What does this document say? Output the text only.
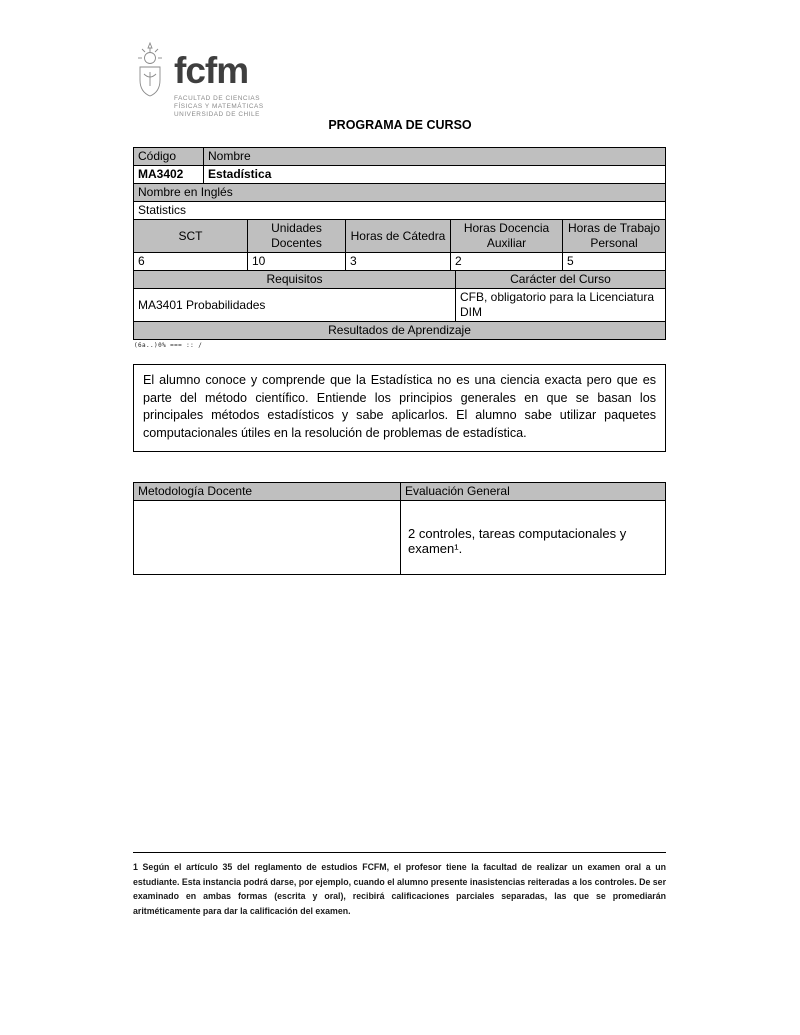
fcfm
FACULTAD DE CIENCIAS
FÍSICAS Y MATEMÁTICAS
UNIVERSIDAD DE CHILE
PROGRAMA DE CURSO
Código	Nombre
MA3402	Estadística
Nombre en Inglés	
Statistics	
SCT	Unidades Docentes	Horas de Cátedra	Horas Docencia Auxiliar	Horas de Trabajo Personal
6	10	3	2	5
Requisitos	Carácter del Curso
MA3401 Probabilidades	CFB, obligatorio para la Licenciatura DIM
Resultados de Aprendizaje
(6a..)0% === :: /
El alumno conoce y comprende que la Estadística no es una ciencia exacta pero que es parte del método científico. Entiende los principios generales en que se basan los principales métodos estadísticos y sabe aplicarlos. El alumno sabe utilizar paquetes computacionales útiles en la resolución de problemas de estadística.
Metodología Docente	Evaluación General
	2 controles, tareas computacionales y examen¹.
1 Según el artículo 35 del reglamento de estudios FCFM, el profesor tiene la facultad de realizar un examen oral a un estudiante. Esta instancia podrá darse, por ejemplo, cuando el alumno presente inasistencias reiteradas a los controles. De ser examinado en ambas formas (escrita y oral), recibirá calificaciones parciales separadas, las que se promediarán aritméticamente para dar la calificación del examen.
